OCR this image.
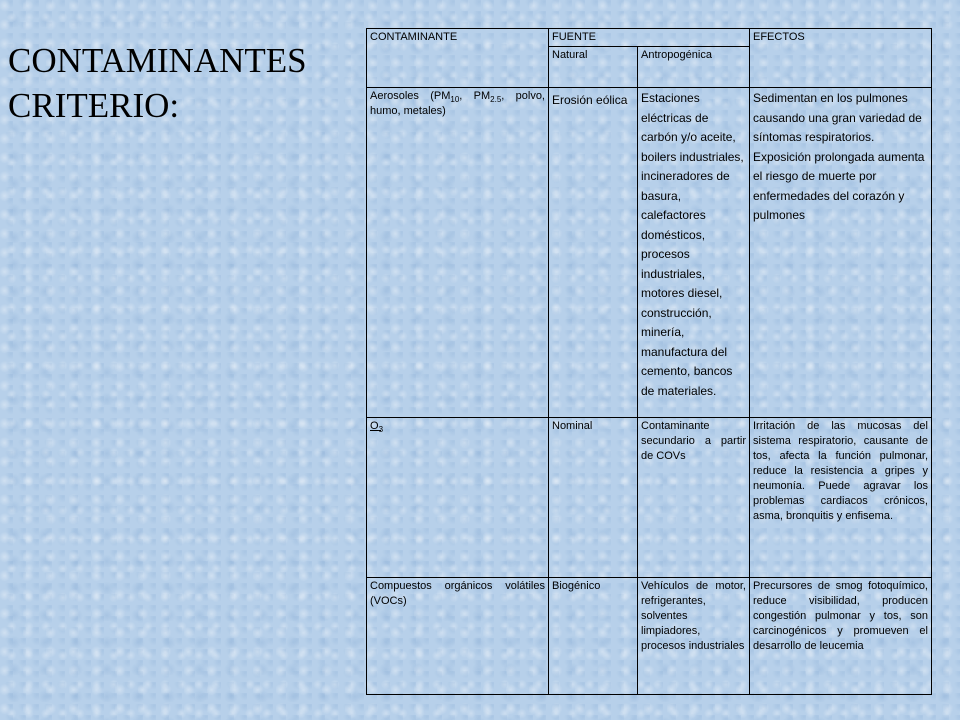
CONTAMINANTES
CRITERIO:
CONTAMINANTE	FUENTE		EFECTOS
	Natural	Antropogénica	
Aerosoles ($PM_{10}$, $PM_{2.5}$, polvo, humo, metales)	Erosión eólica	Estaciones eléctricas de carbón y/o aceite, boilers industriales, incineradores de basura, calefactores domésticos, procesos industriales, motores diesel, construcción, minería, manufactura del cemento, bancos de materiales.	Sedimentan en los pulmones causando una gran variedad de síntomas respiratorios. Exposición prolongada aumenta el riesgo de muerte por enfermedades del corazón y pulmones
$O_3$	Nominal	Contaminante secundario a partir de COVs	Irritación de las mucosas del sistema respiratorio, causante de tos, afecta la función pulmonar, reduce la resistencia a gripes y neumonía. Puede agravar los problemas cardiacos crónicos, asma, bronquitis y enfisema.
Compuestos orgánicos volátiles (VOCs)	Biogénico	Vehículos de motor, refrigerantes, solventes limpiadores, procesos industriales	Precursores de smog fotoquímico, reduce visibilidad, producen congestión pulmonar y tos, son carcinogénicos y promueven el desarrollo de leucemia
